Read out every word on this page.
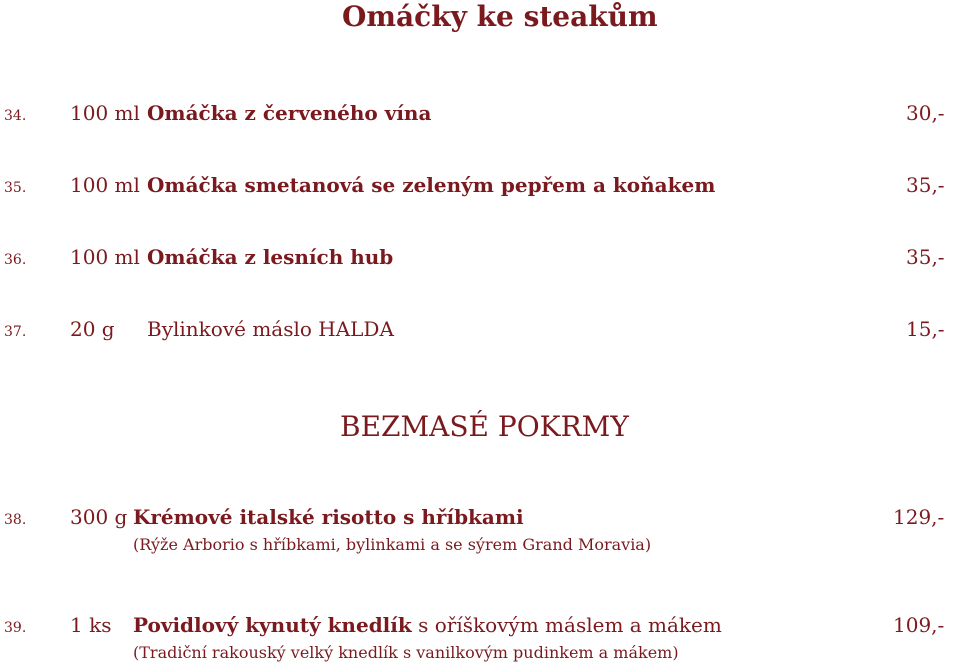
Omáčky ke steakům
34. 100 ml Omáčka z červeného vína	30,-
35. 100 ml Omáčka smetanová se zeleným pepřem a koňakem	35,-
36. 100 ml Omáčka z lesních hub	35,-
37. 20 g Bylinkové máslo HALDA	15,-
BEZMASÉ POKRMY
38. 300 g Krémové italské risotto s hříbkami	129,-
(Rýže Arborio s hříbkami, bylinkami a se sýrem Grand Moravia)
39. 1 ks Povidlový kynutý knedlík s oříškovým máslem a mákem	109,-
(Tradiční rakouský velký knedlík s vanilkovým pudinkem a mákem)
